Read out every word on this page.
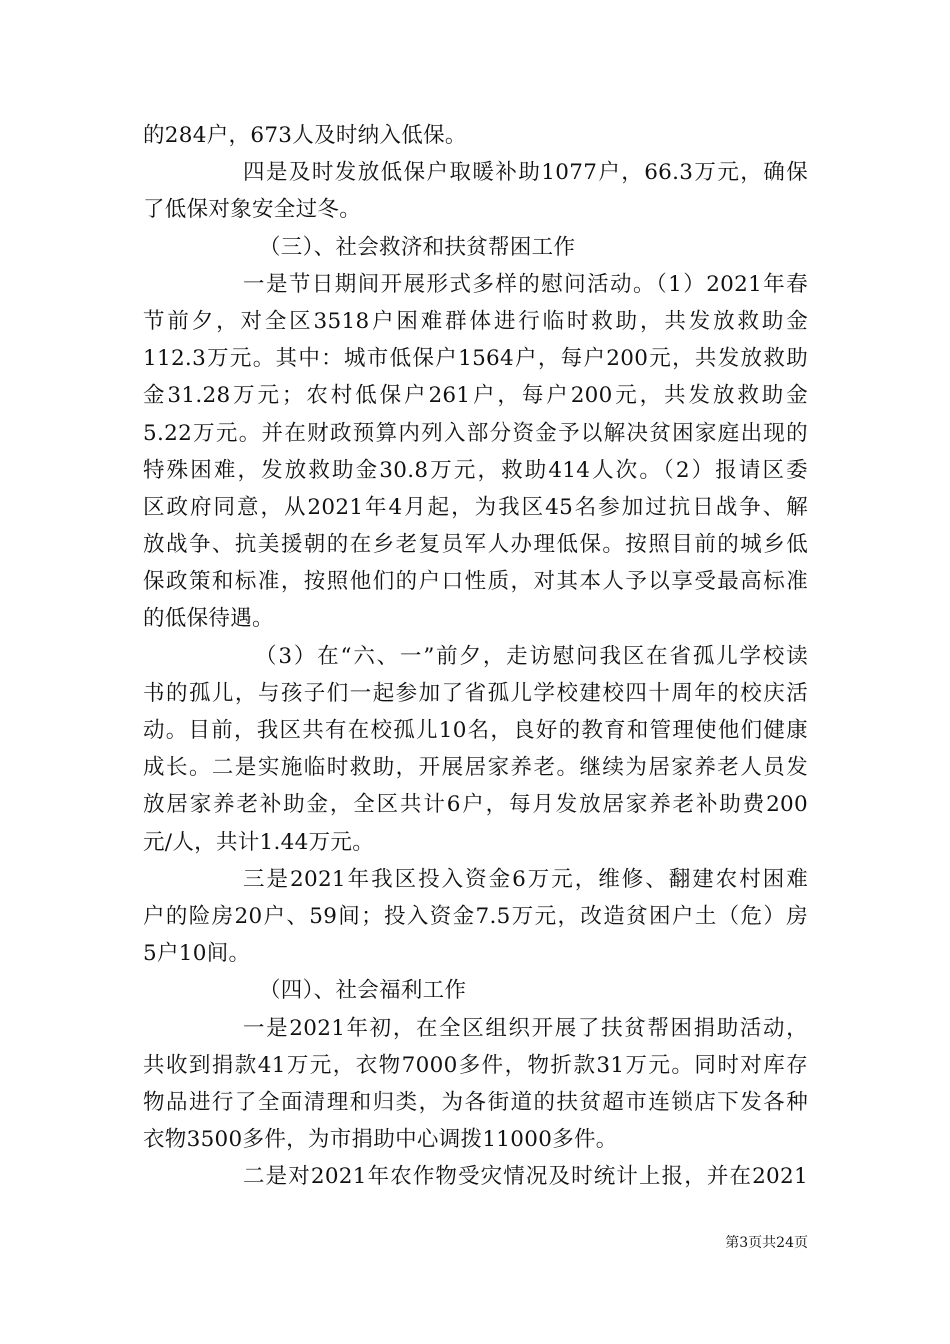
的284户，673人及时纳入低保。
四是及时发放低保户取暖补助1077户，66.3万元，确保
了低保对象安全过冬。
（三）、社会救济和扶贫帮困工作
一是节日期间开展形式多样的慰问活动。（1）2021年春
节前夕，对全区3518户困难群体进行临时救助，共发放救助金
112.3万元。其中：城市低保户1564户，每户200元，共发放救助
金31.28万元；农村低保户261户，每户200元，共发放救助金
5.22万元。并在财政预算内列入部分资金予以解决贫困家庭出现的
特殊困难，发放救助金30.8万元，救助414人次。（2）报请区委
区政府同意，从2021年4月起，为我区45名参加过抗日战争、解
放战争、抗美援朝的在乡老复员军人办理低保。按照目前的城乡低
保政策和标准，按照他们的户口性质，对其本人予以享受最高标准
的低保待遇。
（3）在“六、一”前夕，走访慰问我区在省孤儿学校读
书的孤儿，与孩子们一起参加了省孤儿学校建校四十周年的校庆活
动。目前，我区共有在校孤儿10名，良好的教育和管理使他们健康
成长。二是实施临时救助，开展居家养老。继续为居家养老人员发
放居家养老补助金，全区共计6户，每月发放居家养老补助费200
元/人，共计1.44万元。
三是2021年我区投入资金6万元，维修、翻建农村困难
户的险房20户、59间；投入资金7.5万元，改造贫困户土（危）房
5户10间。
（四）、社会福利工作
一是2021年初，在全区组织开展了扶贫帮困捐助活动，
共收到捐款41万元，衣物7000多件，物折款31万元。同时对库存
物品进行了全面清理和归类，为各街道的扶贫超市连锁店下发各种
衣物3500多件，为市捐助中心调拨11000多件。
二是对2021年农作物受灾情况及时统计上报，并在2021
第3页共24页
